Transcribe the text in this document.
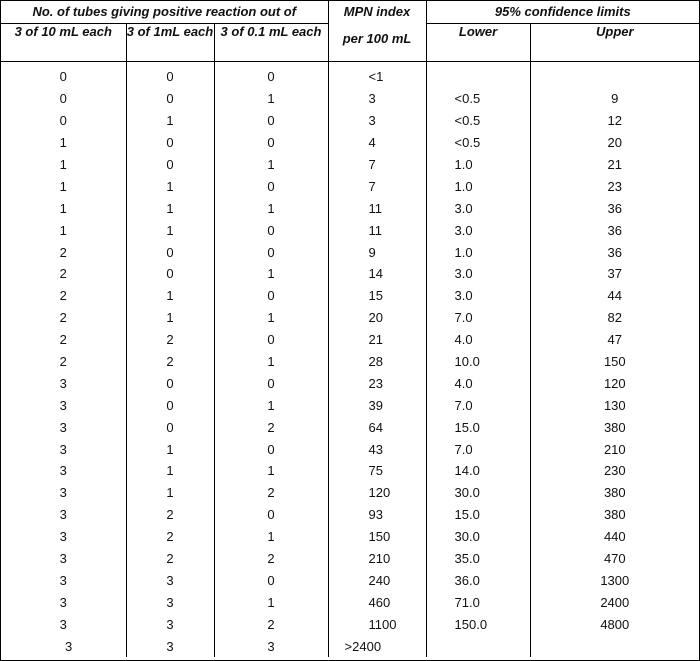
No. of tubes giving positive reaction out of			MPN index
per 100 mL	95% confidence limits	
3 of 10 mL each	3 of 1mL each	3 of 0.1 mL each		Lower	Upper
0	0	0	<1		
0	0	1	3	<0.5	9
0	1	0	3	<0.5	12
1	0	0	4	<0.5	20
1	0	1	7	1.0	21
1	1	0	7	1.0	23
1	1	1	11	3.0	36
1	1	0	11	3.0	36
2	0	0	9	1.0	36
2	0	1	14	3.0	37
2	1	0	15	3.0	44
2	1	1	20	7.0	82
2	2	0	21	4.0	47
2	2	1	28	10.0	150
3	0	0	23	4.0	120
3	0	1	39	7.0	130
3	0	2	64	15.0	380
3	1	0	43	7.0	210
3	1	1	75	14.0	230
3	1	2	120	30.0	380
3	2	0	93	15.0	380
3	2	1	150	30.0	440
3	2	2	210	35.0	470
3	3	0	240	36.0	1300
3	3	1	460	71.0	2400
3	3	2	1100	150.0	4800
3	3	3	>2400		
